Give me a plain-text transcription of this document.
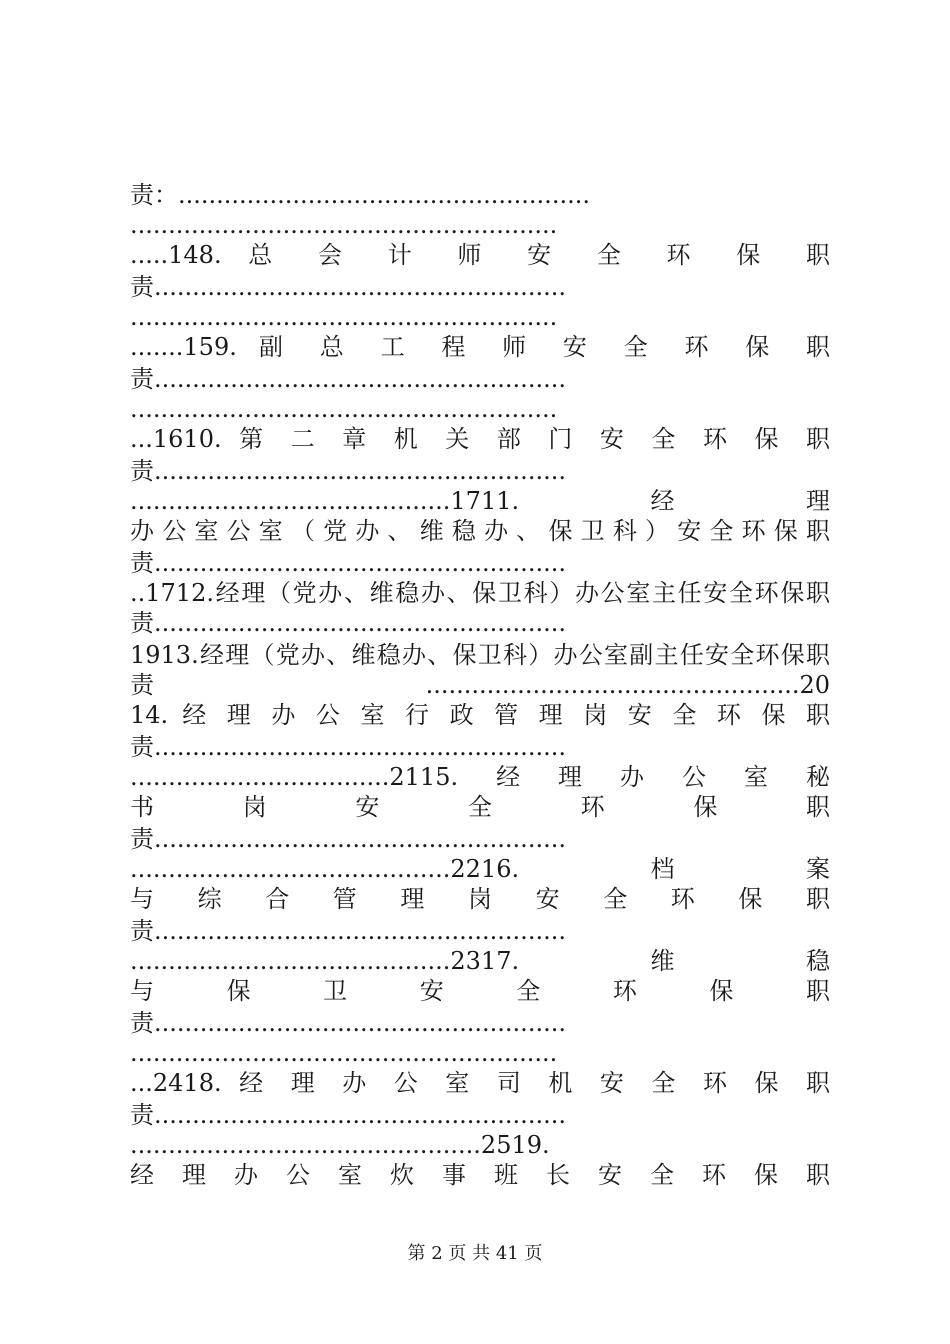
责：......................................................
........................................................
.....148. 总 会 计 师 安 全 环 保 职
责......................................................
........................................................
.......159. 副 总 工 程 师 安 全 环 保 职
责......................................................
........................................................
...1610. 第 二 章 机 关 部 门 安 全 环 保 职
责......................................................
..........................................1711.经理
办 公 室 公 室 （ 党 办 、 维 稳 办 、 保 卫 科 ） 安 全 环 保 职
责......................................................
..1712.经理（党办、维稳办、保卫科）办公室主任安全环保职
责......................................................
1913.经理（党办、维稳办、保卫科）办公室副主任安全环保职
责.................................................20
14. 经 理 办 公 室 行 政 管 理 岗 安 全 环 保 职
责......................................................
..................................2115.经理办公室秘
书 岗 安 全 环 保 职
责......................................................
..........................................2216.档案
与 综 合 管 理 岗 安 全 环 保 职
责......................................................
..........................................2317.维稳
与 保 卫 安 全 环 保 职
责......................................................
........................................................
...2418. 经 理 办 公 室 司 机 安 全 环 保 职
责......................................................
..............................................2519.
经 理 办 公 室 炊 事 班 长 安 全 环 保 职
第 2 页 共 41 页
